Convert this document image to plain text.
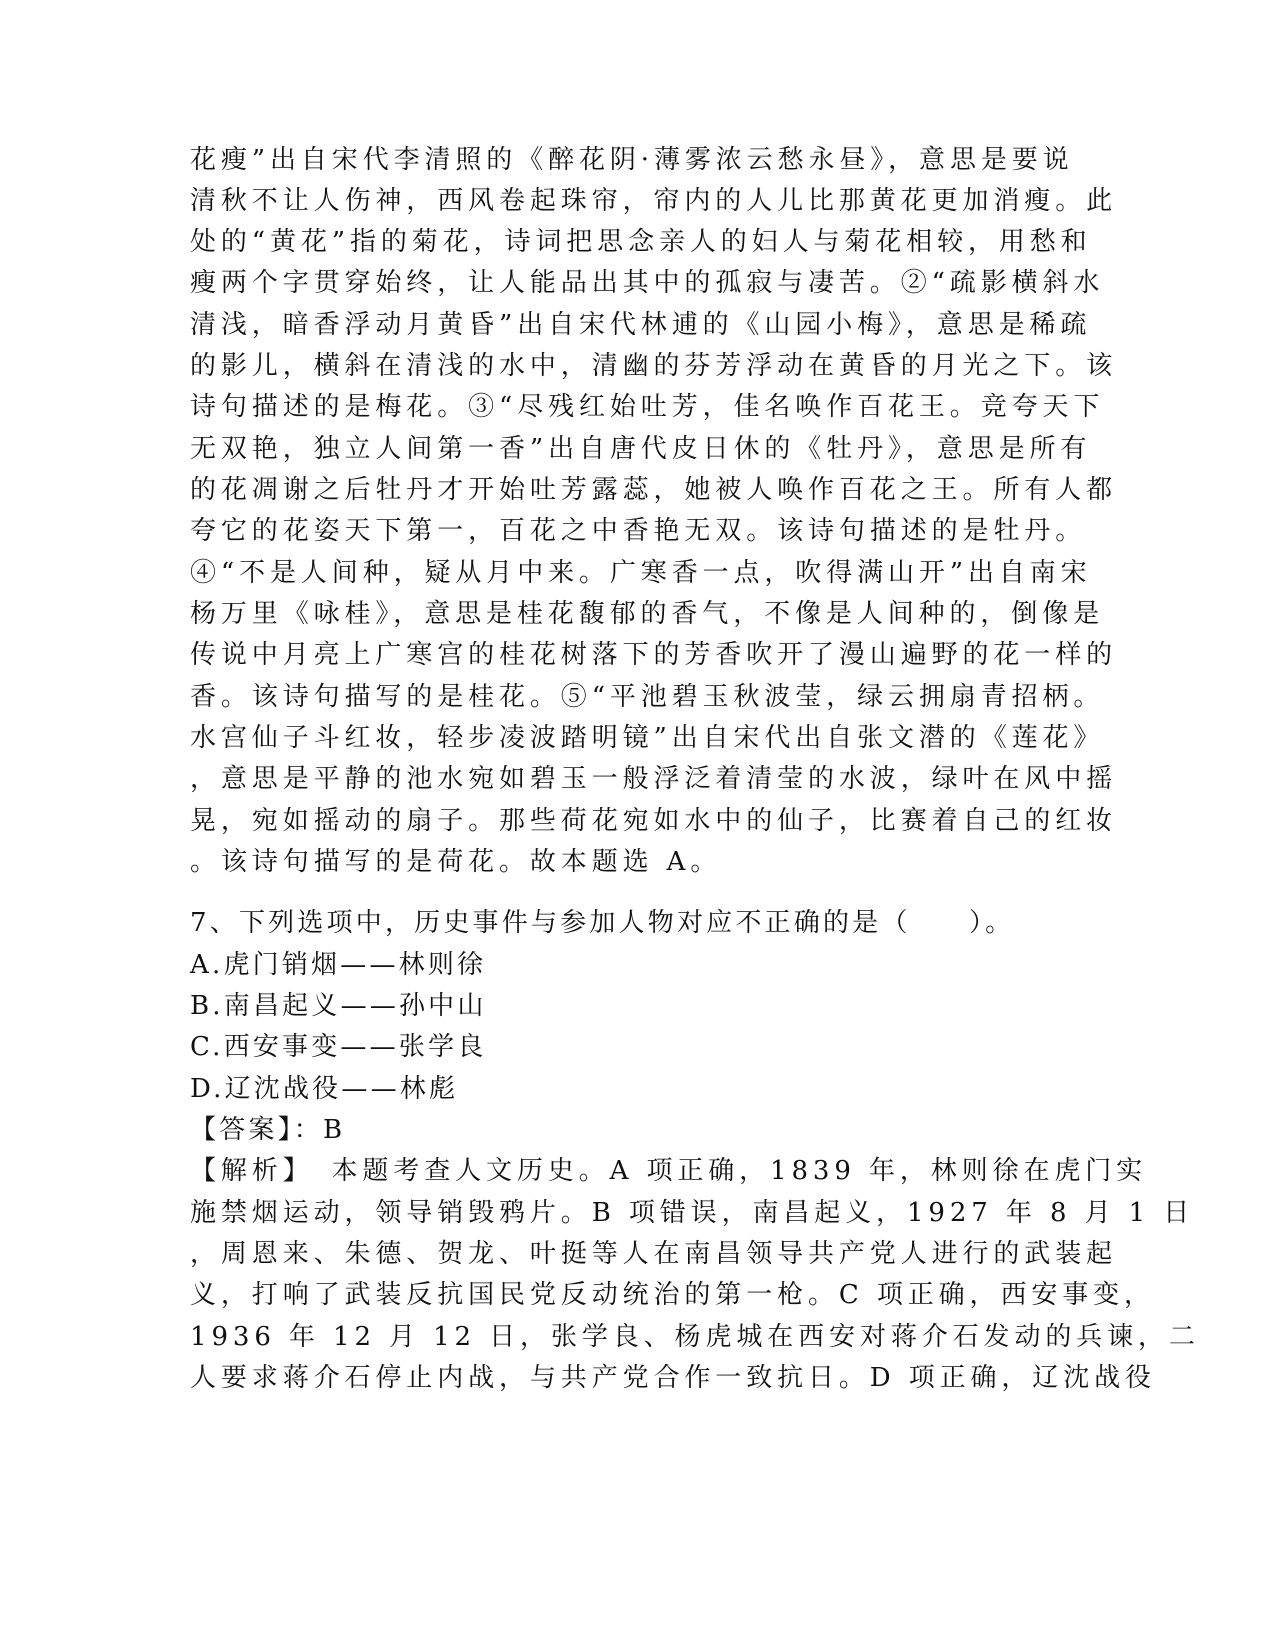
花瘦”出自宋代李清照的《醉花阴·薄雾浓云愁永昼》，意思是要说

清秋不让人伤神，西风卷起珠帘，帘内的人儿比那黄花更加消瘦。此

处的“黄花”指的菊花，诗词把思念亲人的妇人与菊花相较，用愁和

瘦两个字贯穿始终，让人能品出其中的孤寂与凄苦。②“疏影横斜水

清浅，暗香浮动月黄昏”出自宋代林逋的《山园小梅》，意思是稀疏

的影儿，横斜在清浅的水中，清幽的芬芳浮动在黄昏的月光之下。该

诗句描述的是梅花。③“尽残红始吐芳，佳名唤作百花王。竞夸天下

无双艳，独立人间第一香”出自唐代皮日休的《牡丹》，意思是所有

的花凋谢之后牡丹才开始吐芳露蕊，她被人唤作百花之王。所有人都

夸它的花姿天下第一，百花之中香艳无双。该诗句描述的是牡丹。

④“不是人间种，疑从月中来。广寒香一点，吹得满山开”出自南宋

杨万里《咏桂》，意思是桂花馥郁的香气，不像是人间种的，倒像是

传说中月亮上广寒宫的桂花树落下的芳香吹开了漫山遍野的花一样的

香。该诗句描写的是桂花。⑤“平池碧玉秋波莹，绿云拥扇青招柄。

水宫仙子斗红妆，轻步凌波踏明镜”出自宋代出自张文潜的《莲花》

，意思是平静的池水宛如碧玉一般浮泛着清莹的水波，绿叶在风中摇

晃，宛如摇动的扇子。那些荷花宛如水中的仙子，比赛着自己的红妆

。该诗句描写的是荷花。故本题选 A。

7、下列选项中，历史事件与参加人物对应不正确的是（　　）。

A.虎门销烟——林则徐

B.南昌起义——孙中山

C.西安事变——张学良

D.辽沈战役——林彪

【答案】：B

【解析】　本题考查人文历史。A 项正确，1839 年，林则徐在虎门实

施禁烟运动，领导销毁鸦片。B 项错误，南昌起义，1927 年 8 月 1 日

，周恩来、朱德、贺龙、叶挺等人在南昌领导共产党人进行的武装起

义，打响了武装反抗国民党反动统治的第一枪。C 项正确，西安事变，

1936 年 12 月 12 日，张学良、杨虎城在西安对蒋介石发动的兵谏，二

人要求蒋介石停止内战，与共产党合作一致抗日。D 项正确，辽沈战役
